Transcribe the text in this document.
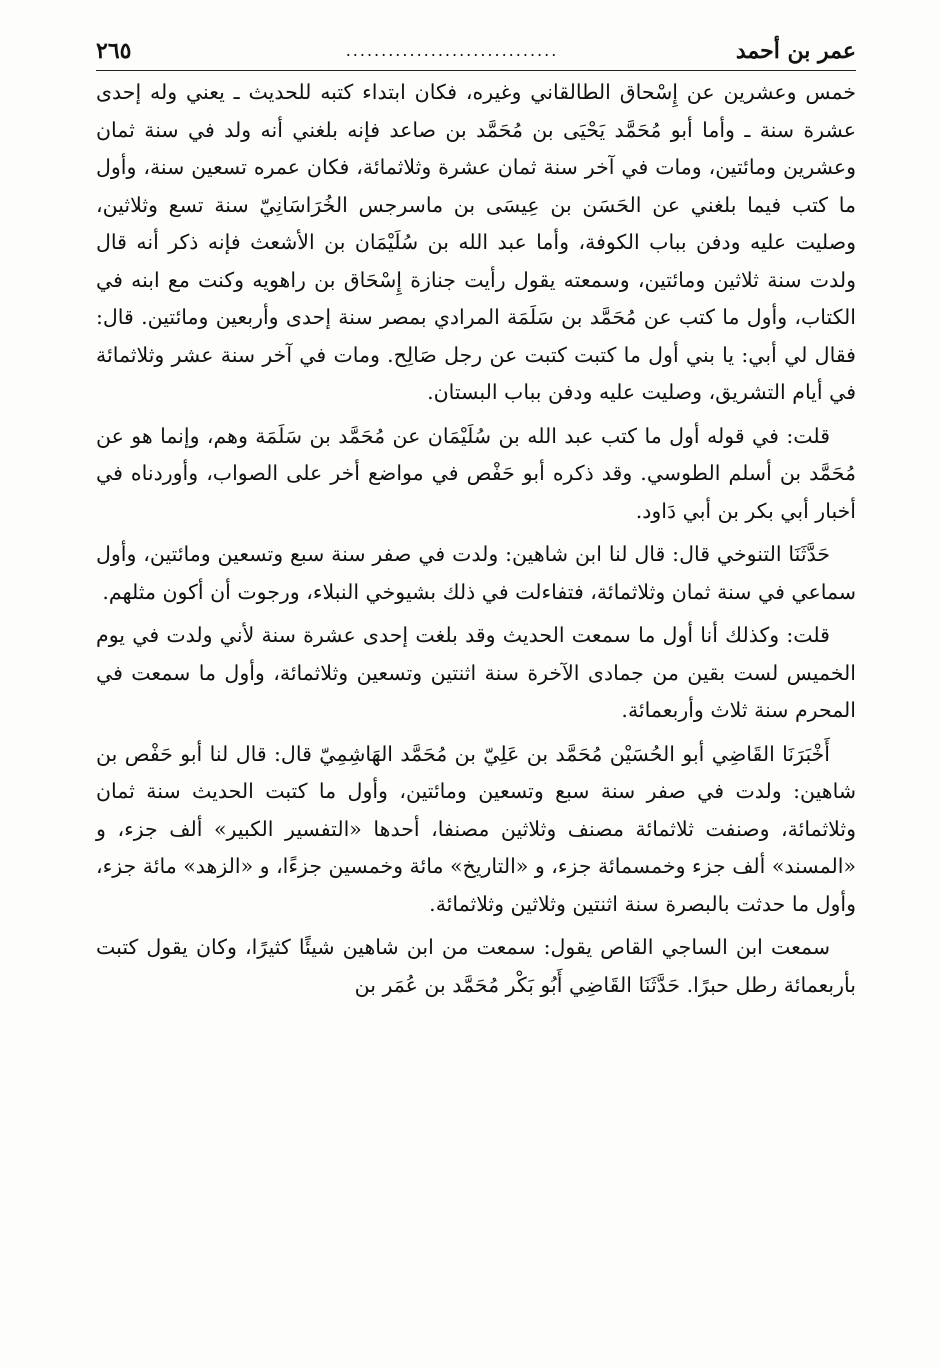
عمر بن أحمد
..............................
٢٦٥

خمس وعشرين عن إِسْحاق الطالقاني وغيره، فكان ابتداء كتبه للحديث ـ يعني وله إحدى عشرة سنة ـ وأما أبو مُحَمَّد يَحْيَى بن مُحَمَّد بن صاعد فإنه بلغني أنه ولد في سنة ثمان وعشرين ومائتين، ومات في آخر سنة ثمان عشرة وثلاثمائة، فكان عمره تسعين سنة، وأول ما كتب فيما بلغني عن الحَسَن بن عِيسَى بن ماسرجس الخُرَاسَانِيّ سنة تسع وثلاثين، وصليت عليه ودفن بباب الكوفة، وأما عبد الله بن سُلَيْمَان بن الأشعث فإنه ذكر أنه قال ولدت سنة ثلاثين ومائتين، وسمعته يقول رأيت جنازة إِسْحَاق بن راهويه وكنت مع ابنه في الكتاب، وأول ما كتب عن مُحَمَّد بن سَلَمَة المرادي بمصر سنة إحدى وأربعين ومائتين. قال: فقال لي أبي: يا بني أول ما كتبت كتبت عن رجل صَالِح. ومات في آخر سنة عشر وثلاثمائة في أيام التشريق، وصليت عليه ودفن بباب البستان.

قلت: في قوله أول ما كتب عبد الله بن سُلَيْمَان عن مُحَمَّد بن سَلَمَة وهم، وإنما هو عن مُحَمَّد بن أسلم الطوسي. وقد ذكره أبو حَفْص في مواضع أخر على الصواب، وأوردناه في أخبار أبي بكر بن أبي دَاود.

حَدَّثَنَا التنوخي قال: قال لنا ابن شاهين: ولدت في صفر سنة سبع وتسعين ومائتين، وأول سماعي في سنة ثمان وثلاثمائة، فتفاءلت في ذلك بشيوخي النبلاء، ورجوت أن أكون مثلهم.

قلت: وكذلك أنا أول ما سمعت الحديث وقد بلغت إحدى عشرة سنة لأني ولدت في يوم الخميس لست بقين من جمادى الآخرة سنة اثنتين وتسعين وثلاثمائة، وأول ما سمعت في المحرم سنة ثلاث وأربعمائة.

أَخْبَرَنَا القَاضِي أبو الحُسَيْن مُحَمَّد بن عَلِيّ بن مُحَمَّد الهَاشِمِيّ قال: قال لنا أبو حَفْص بن شاهين: ولدت في صفر سنة سبع وتسعين ومائتين، وأول ما كتبت الحديث سنة ثمان وثلاثمائة، وصنفت ثلاثمائة مصنف وثلاثين مصنفا، أحدها «التفسير الكبير» ألف جزء، و «المسند» ألف جزء وخمسمائة جزء، و «التاريخ» مائة وخمسين جزءًا، و «الزهد» مائة جزء، وأول ما حدثت بالبصرة سنة اثنتين وثلاثين وثلاثمائة.

سمعت ابن الساجي القاص يقول: سمعت من ابن شاهين شيئًا كثيرًا، وكان يقول كتبت بأربعمائة رطل حبرًا. حَدَّثَنَا القَاضِي أَبُو بَكْر مُحَمَّد بن عُمَر بن
